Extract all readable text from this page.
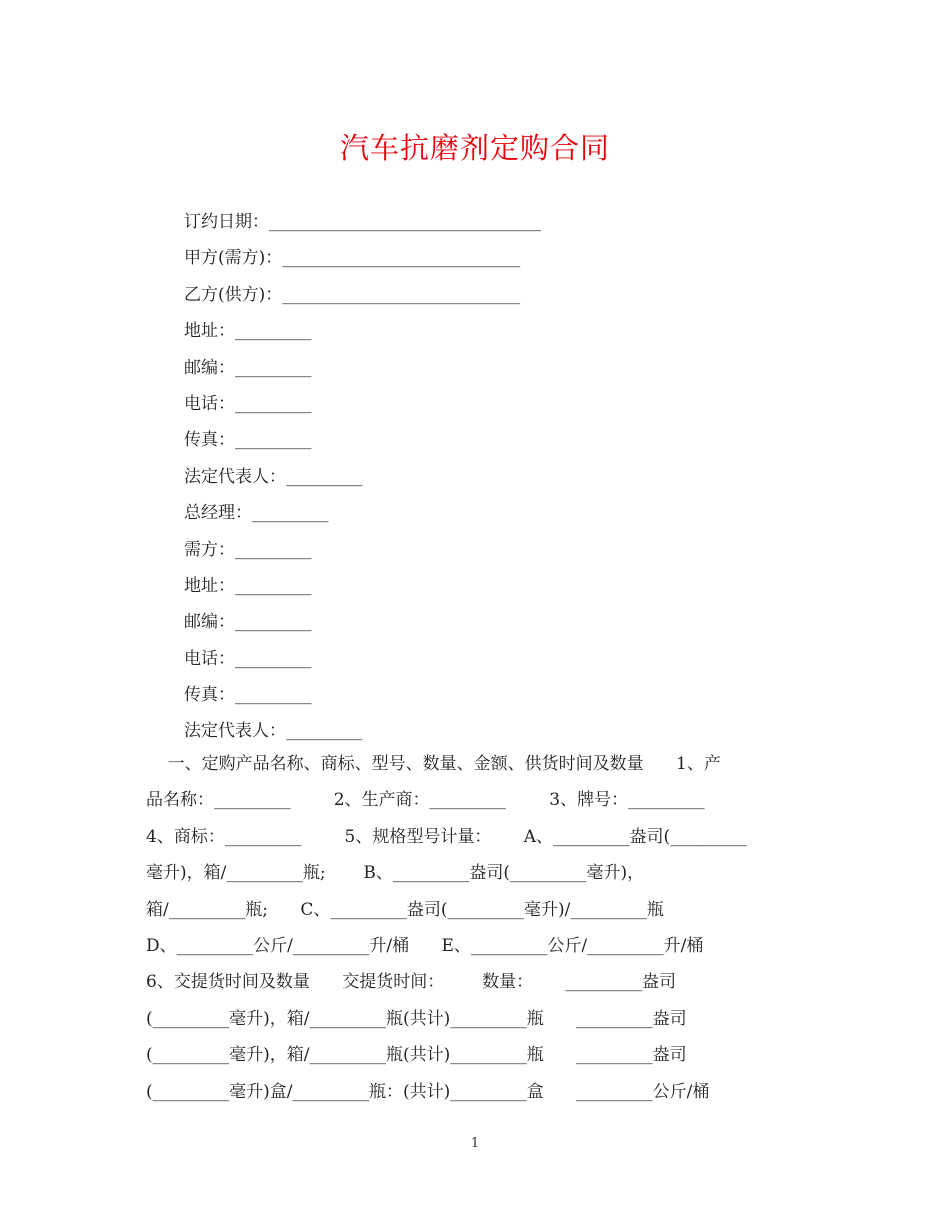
汽车抗磨剂定购合同
订约日期：________________________________
甲方(需方)：____________________________
乙方(供方)：____________________________
地址：_________
邮编：_________
电话：_________
传真：_________
法定代表人：_________
总经理：_________
需方：_________
地址：_________
邮编：_________
电话：_________
传真：_________
法定代表人：_________
一、定购产品名称、商标、型号、数量、金额、供货时间及数量      1、产
品名称：_________        2、生产商：_________        3、牌号：_________
4、商标：_________        5、规格型号计量：      A、_________盎司(_________
毫升)，箱/_________瓶;       B、_________盎司(_________毫升)，
箱/_________瓶;      C、_________盎司(_________毫升)/_________瓶
D、_________公斤/_________升/桶      E、_________公斤/_________升/桶
6、交提货时间及数量      交提货时间：       数量：      _________盎司
(_________毫升)，箱/_________瓶(共计)_________瓶      _________盎司
(_________毫升)，箱/_________瓶(共计)_________瓶      _________盎司
(_________毫升)盒/_________瓶：(共计)_________盒      _________公斤/桶
1
